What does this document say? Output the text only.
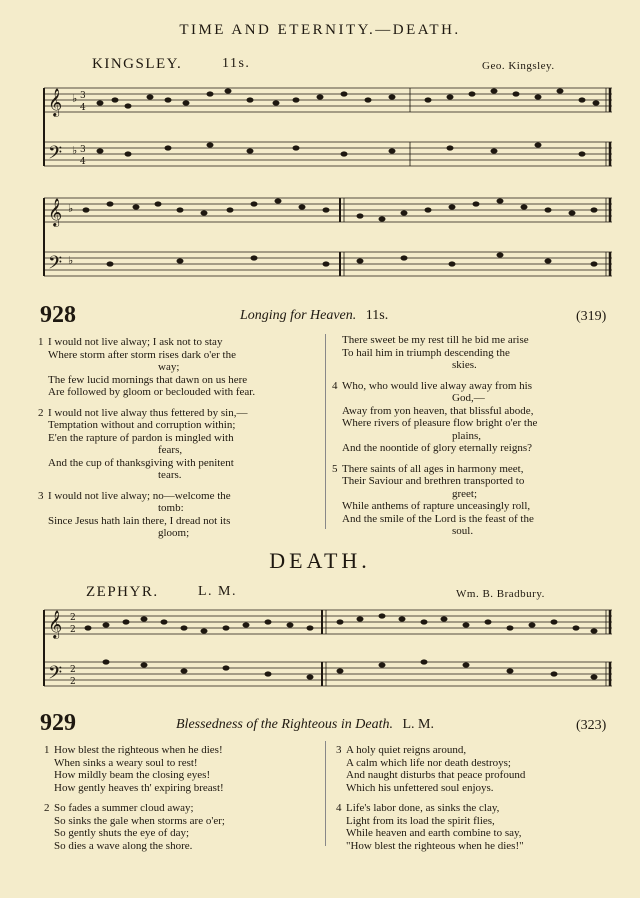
TIME AND ETERNITY.—DEATH.
KINGSLEY.	11s.	Geo. Kingsley.
𝄞
𝄢
♭
♭
3
4
3
4
𝄞
𝄢
♭
♭
928	Longing for Heaven. 11s.	(319)
1 I would not live alway; I ask not to stay
Where storm after storm rises dark o'er the
way;
The few lucid mornings that dawn on us here
Are followed by gloom or beclouded with fear.
2 I would not live alway thus fettered by sin,—
Temptation without and corruption within;
E'en the rapture of pardon is mingled with
fears,
And the cup of thanksgiving with penitent
tears.
3 I would not live alway; no—welcome the
tomb:
Since Jesus hath lain there, I dread not its
gloom;
There sweet be my rest till he bid me arise
To hail him in triumph descending the
skies.
4 Who, who would live alway away from his
God,—
Away from yon heaven, that blissful abode,
Where rivers of pleasure flow bright o'er the
plains,
And the noontide of glory eternally reigns?
5 There saints of all ages in harmony meet,
Their Saviour and brethren transported to
greet;
While anthems of rapture unceasingly roll,
And the smile of the Lord is the feast of the
soul.
DEATH.
ZEPHYR.	L. M.	Wm. B. Bradbury.
𝄞
𝄢
2
2
2
2
929	Blessedness of the Righteous in Death. L. M.	(323)
1 How blest the righteous when he dies!
When sinks a weary soul to rest!
How mildly beam the closing eyes!
How gently heaves th' expiring breast!
2 So fades a summer cloud away;
So sinks the gale when storms are o'er;
So gently shuts the eye of day;
So dies a wave along the shore.
3 A holy quiet reigns around,
A calm which life nor death destroys;
And naught disturbs that peace profound
Which his unfettered soul enjoys.
4 Life's labor done, as sinks the clay,
Light from its load the spirit flies,
While heaven and earth combine to say,
"How blest the righteous when he dies!"
